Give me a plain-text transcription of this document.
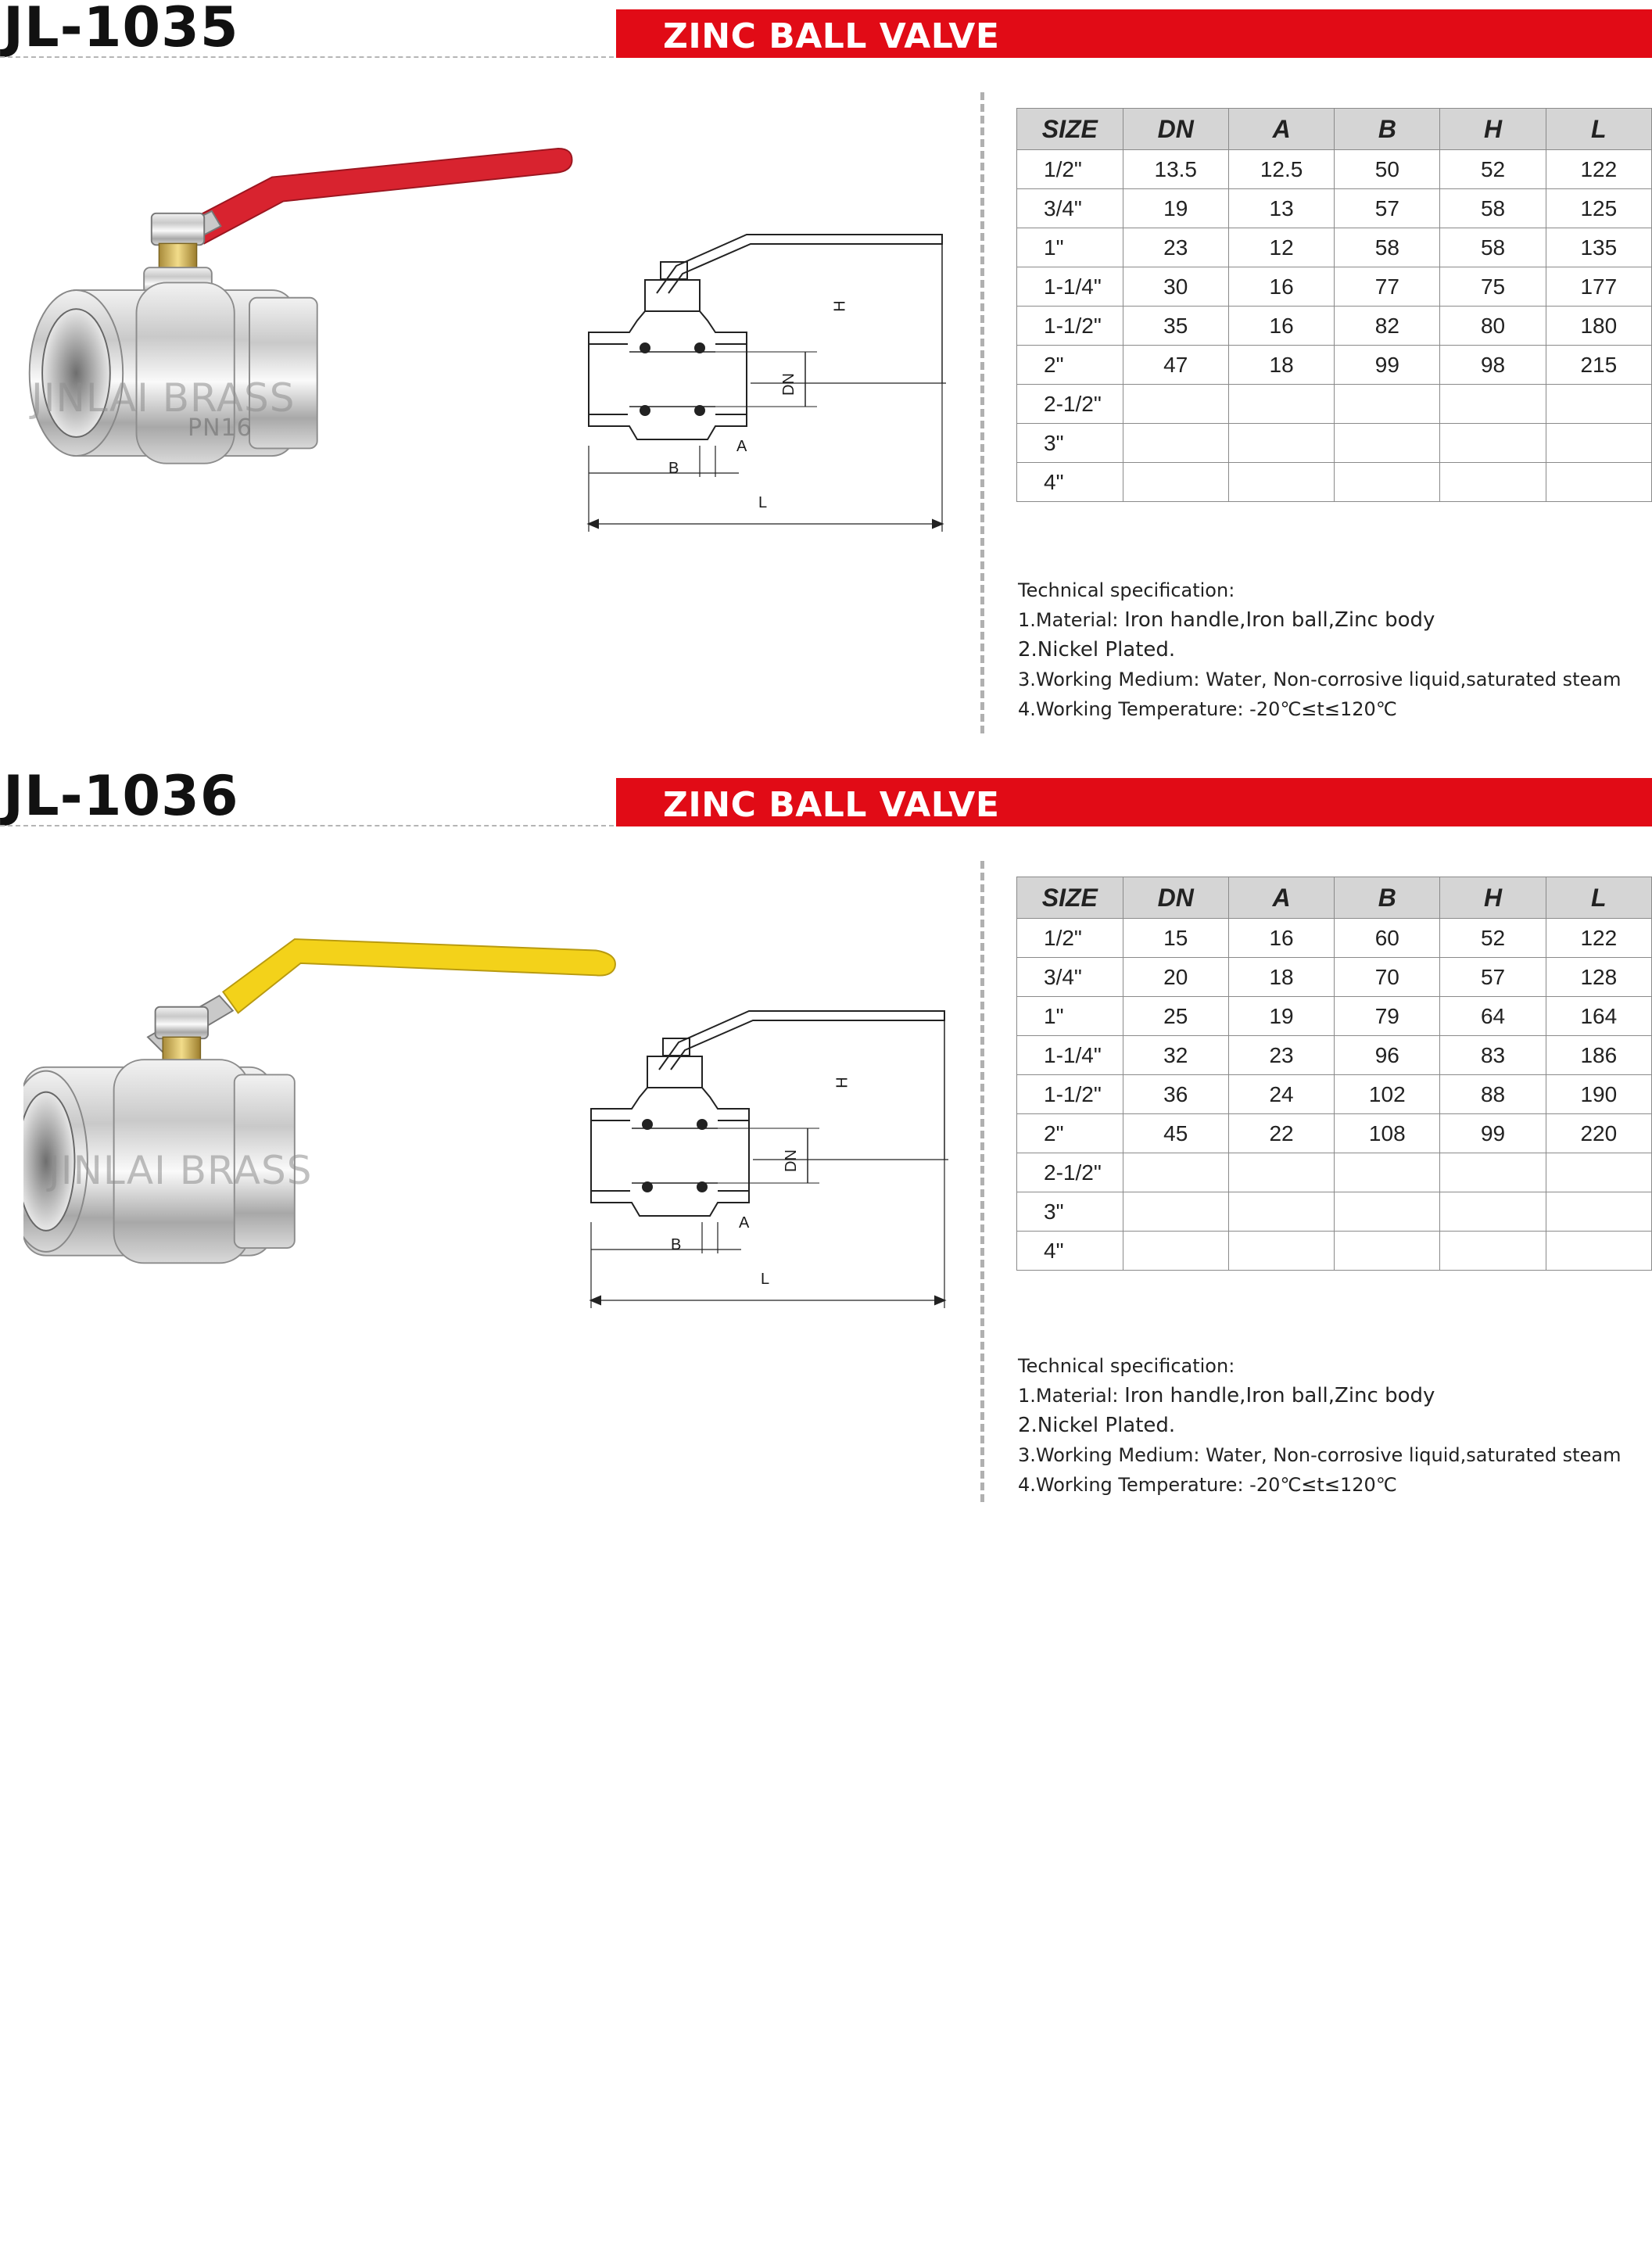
JL-1035	ZINC BALL VALVE
JINLAI BRASS
PN16
H
DN
A
B
L
SIZE	DN	A	B	H	L
1/2"	13.5	12.5	50	52	122
3/4"	19	13	57	58	125
1"	23	12	58	58	135
1-1/4"	30	16	77	75	177
1-1/2"	35	16	82	80	180
2"	47	18	99	98	215
2-1/2"					
3"					
4"					
Technical specification:
1.Material: Iron handle,Iron ball,Zinc body
2.Nickel Plated.
3.Working Medium: Water, Non-corrosive liquid,saturated steam
4.Working Temperature: -20℃≤t≤120℃
JL-1036	ZINC BALL VALVE
JINLAI BRASS
H
DN
A
B
L
SIZE	DN	A	B	H	L
1/2"	15	16	60	52	122
3/4"	20	18	70	57	128
1"	25	19	79	64	164
1-1/4"	32	23	96	83	186
1-1/2"	36	24	102	88	190
2"	45	22	108	99	220
2-1/2"					
3"					
4"					
Technical specification:
1.Material: Iron handle,Iron ball,Zinc body
2.Nickel Plated.
3.Working Medium: Water, Non-corrosive liquid,saturated steam
4.Working Temperature: -20℃≤t≤120℃
